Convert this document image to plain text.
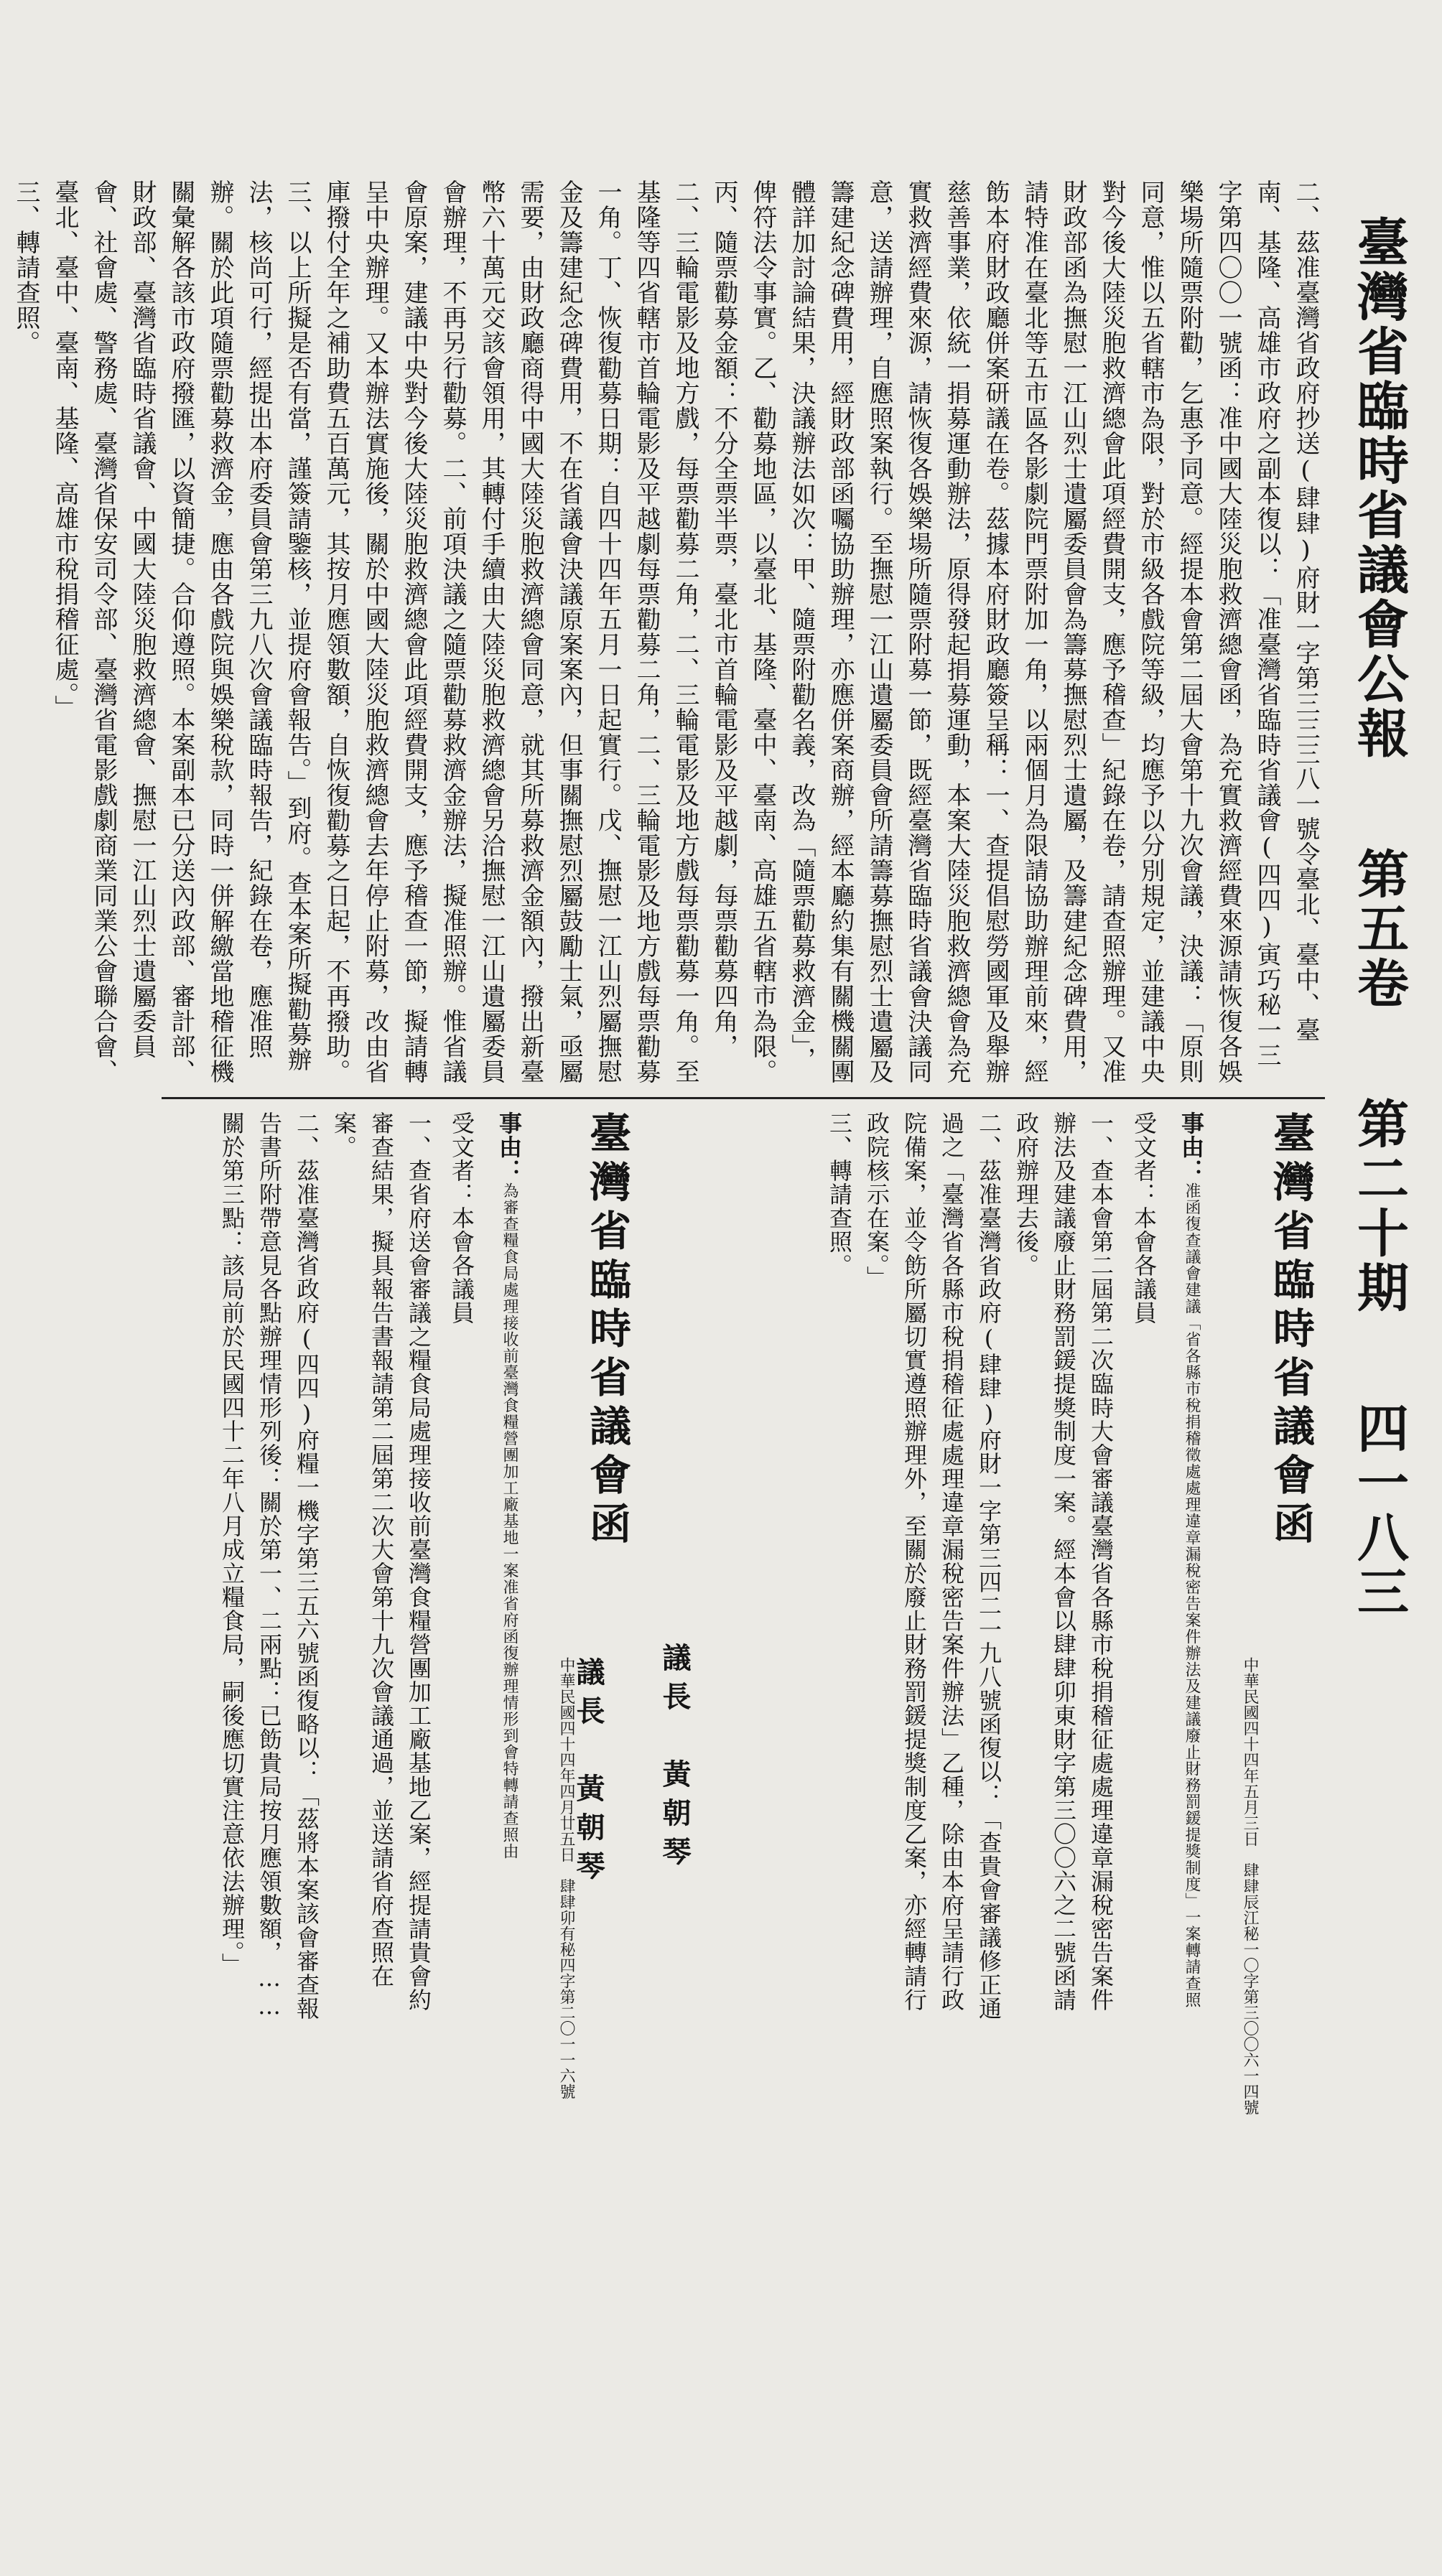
臺灣省臨時省議會公報第五卷第二十期四一八三

二、茲准臺灣省政府抄送(肆肆)府財一字第三三三八一號令臺北、臺中、臺南、基隆、高雄市政府之副本復以：「准臺灣省臨時省議會(四四)寅巧秘一三字第四〇〇一號函：准中國大陸災胞救濟總會函，為充實救濟經費來源請恢復各娛樂場所隨票附勸，乞惠予同意。經提本會第二屆大會第十九次會議，決議：「原則同意，惟以五省轄市為限，對於市級各戲院等級，均應予以分別規定，並建議中央對今後大陸災胞救濟總會此項經費開支，應予稽查」紀錄在卷，請查照辦理。又准財政部函為撫慰一江山烈士遺屬委員會為籌募撫慰烈士遺屬，及籌建紀念碑費用，請特准在臺北等五市區各影劇院門票附加一角，以兩個月為限請協助辦理前來，經飭本府財政廳併案研議在卷。茲據本府財政廳簽呈稱：一、查提倡慰勞國軍及舉辦慈善事業，依統一捐募運動辦法，原得發起捐募運動，本案大陸災胞救濟總會為充實救濟經費來源，請恢復各娛樂場所隨票附募一節，既經臺灣省臨時省議會決議同意，送請辦理，自應照案執行。至撫慰一江山遺屬委員會所請籌募撫慰烈士遺屬及籌建紀念碑費用，經財政部函囑協助辦理，亦應併案商辦，經本廳約集有關機關團體詳加討論結果，決議辦法如次：甲、隨票附勸名義，改為「隨票勸募救濟金」，俾符法令事實。乙、勸募地區，以臺北、基隆、臺中、臺南、高雄五省轄市為限。丙、隨票勸募金額：不分全票半票，臺北市首輪電影及平越劇，每票勸募四角，二、三輪電影及地方戲，每票勸募二角，二、三輪電影及地方戲每票勸募一角。至基隆等四省轄市首輪電影及平越劇每票勸募二角，二、三輪電影及地方戲每票勸募一角。丁、恢復勸募日期：自四十四年五月一日起實行。戊、撫慰一江山烈屬撫慰金及籌建紀念碑費用，不在省議會決議原案案內，但事關撫慰烈屬鼓勵士氣，亟屬需要，由財政廳商得中國大陸災胞救濟總會同意，就其所募救濟金額內，撥出新臺幣六十萬元交該會領用，其轉付手續由大陸災胞救濟總會另洽撫慰一江山遺屬委員會辦理，不再另行勸募。二、前項決議之隨票勸募救濟金辦法，擬准照辦。惟省議會原案，建議中央對今後大陸災胞救濟總會此項經費開支，應予稽查一節，擬請轉呈中央辦理。又本辦法實施後，關於中國大陸災胞救濟總會去年停止附募，改由省庫撥付全年之補助費五百萬元，其按月應領數額，自恢復勸募之日起，不再撥助。三、以上所擬是否有當，謹簽請鑒核，並提府會報告。」到府。查本案所擬勸募辦法，核尚可行，經提出本府委員會第三九八次會議臨時報告，紀錄在卷，應准照辦。關於此項隨票勸募救濟金，應由各戲院與娛樂稅款，同時一併解繳當地稽征機關彙解各該市政府撥匯，以資簡捷。合仰遵照。本案副本已分送內政部、審計部、財政部、臺灣省臨時省議會、中國大陸災胞救濟總會、撫慰一江山烈士遺屬委員會、社會處、警務處、臺灣省保安司令部、臺灣省電影戲劇商業同業公會聯合會、臺北、臺中、臺南、基隆、高雄市稅捐稽征處。」

三、轉請查照。

臺灣省臨時省議會函
中華民國四十四年五月三日　肆肆辰江秘一〇字第三〇〇六一四號
事由：准函復查議會建議「省各縣市稅捐稽徵處處理違章漏稅密告案件辦法及建議廢止財務罰鍰提獎制度」一案轉請查照
受文者：本會各議員
一、查本會第二屆第二次臨時大會審議臺灣省各縣市稅捐稽征處處理違章漏稅密告案件辦法及建議廢止財務罰鍰提獎制度一案。經本會以肆肆卯東財字第三〇〇六之二號函請政府辦理去後。
二、茲准臺灣省政府(肆肆)府財一字第三四二一九八號函復以：「查貴會審議修正通過之「臺灣省各縣市稅捐稽征處處理違章漏稅密告案件辦法」乙種，除由本府呈請行政院備案，並令飭所屬切實遵照辦理外，至關於廢止財務罰鍰提獎制度乙案，亦經轉請行政院核示在案。」
三、轉請查照。
議長　黃朝琴
臺灣省臨時省議會函
中華民國四十四年四月廿五日　肆肆卯有秘四字第二〇一一六號
事由：為審查糧食局處理接收前臺灣食糧營團加工廠基地一案准省府函復辦理情形到會特轉請查照由
受文者：本會各議員
一、查省府送會審議之糧食局處理接收前臺灣食糧營團加工廠基地乙案，經提請貴會約審查結果，擬具報告書報請第二屆第二次大會第十九次會議通過，並送請省府查照在案。
二、茲准臺灣省政府(四四)府糧一機字第三五六號函復略以：「茲將本案該會審查報告書所附帶意見各點辦理情形列後：關於第一、二兩點：已飭貴局按月應領數額，……關於第三點：該局前於民國四十二年八月成立糧食局，嗣後應切實注意依法辦理。」	議長　黃朝琴
